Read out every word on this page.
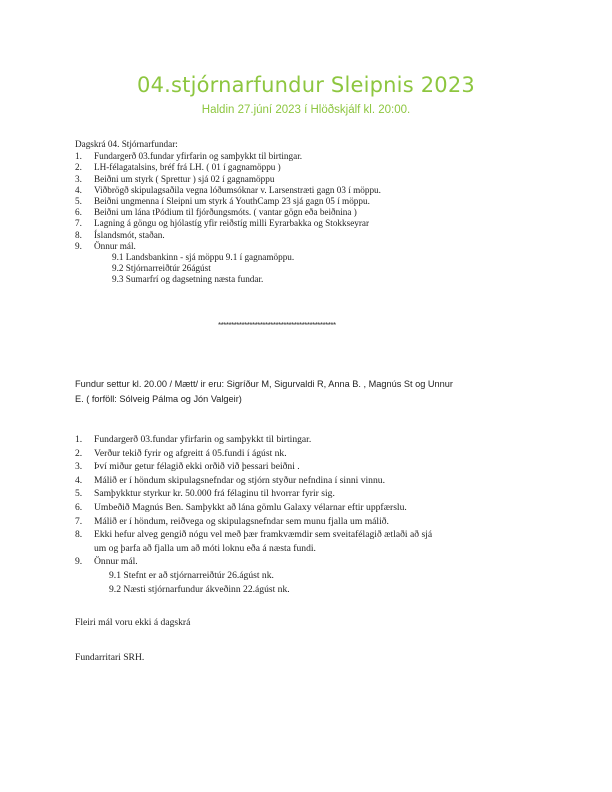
04.stjórnarfundur Sleipnis 2023
Haldin 27.júní 2023 í Hlöðskjálf kl. 20:00.
Dagskrá 04. Stjórnarfundar:
1. Fundargerð 03.fundar yfirfarin og samþykkt til birtingar.
2. LH-félagatalsins, bréf frá LH. ( 01 í gagnamöppu )
3. Beiðni um styrk ( Sprettur ) sjá 02 í gagnamöppu
4. Viðbrögð skipulagsaðila vegna lóðumsóknar v. Larsenstræti gagn 03 í möppu.
5. Beiðni ungmenna í Sleipni um styrk á YouthCamp 23 sjá gagn 05 í möppu.
6. Beiðni um lána tPódium til fjórðungsmóts. ( vantar gögn eða beiðnina )
7. Lagning á göngu og hjólastíg yfir reiðstíg milli Eyrarbakka og Stokkseyrar
8. Íslandsmót, staðan.
9. Önnur mál.
9.1 Landsbankinn - sjá möppu 9.1 í gagnamöppu.
9.2 Stjórnarreiðtúr 26ágúst
9.3 Sumarfrí og dagsetning næsta fundar.
*********************************************
Fundur settur kl. 20.00 / Mætt/ ir eru: Sigríður M, Sigurvaldi R, Anna B. , Magnús St og Unnur
E. ( forföll: Sólveig Pálma og Jón Valgeir)
1. Fundargerð 03.fundar yfirfarin og samþykkt til birtingar.
2. Verður tekið fyrir og afgreitt á 05.fundi í ágúst nk.
3. Því miður getur félagið ekki orðið við þessari beiðni .
4. Málið er í höndum skipulagsnefndar og stjórn styður nefndina í sinni vinnu.
5. Samþykktur styrkur kr. 50.000 frá félaginu til hvorrar fyrir sig.
6. Umbeðið Magnús Ben. Samþykkt að lána gömlu Galaxy vélarnar eftir uppfærslu.
7. Málið er í höndum, reiðvega og skipulagsnefndar sem munu fjalla um málið.
8. Ekki hefur alveg gengið nógu vel með þær framkvæmdir sem sveitafélagið ætlaði að sjá
um og þarfa að fjalla um að móti loknu eða á næsta fundi.
9. Önnur mál.
9.1 Stefnt er að stjórnarreiðtúr 26.ágúst nk.
9.2 Næsti stjórnarfundur ákveðinn 22.ágúst nk.
Fleiri mál voru ekki á dagskrá
Fundarritari SRH.
